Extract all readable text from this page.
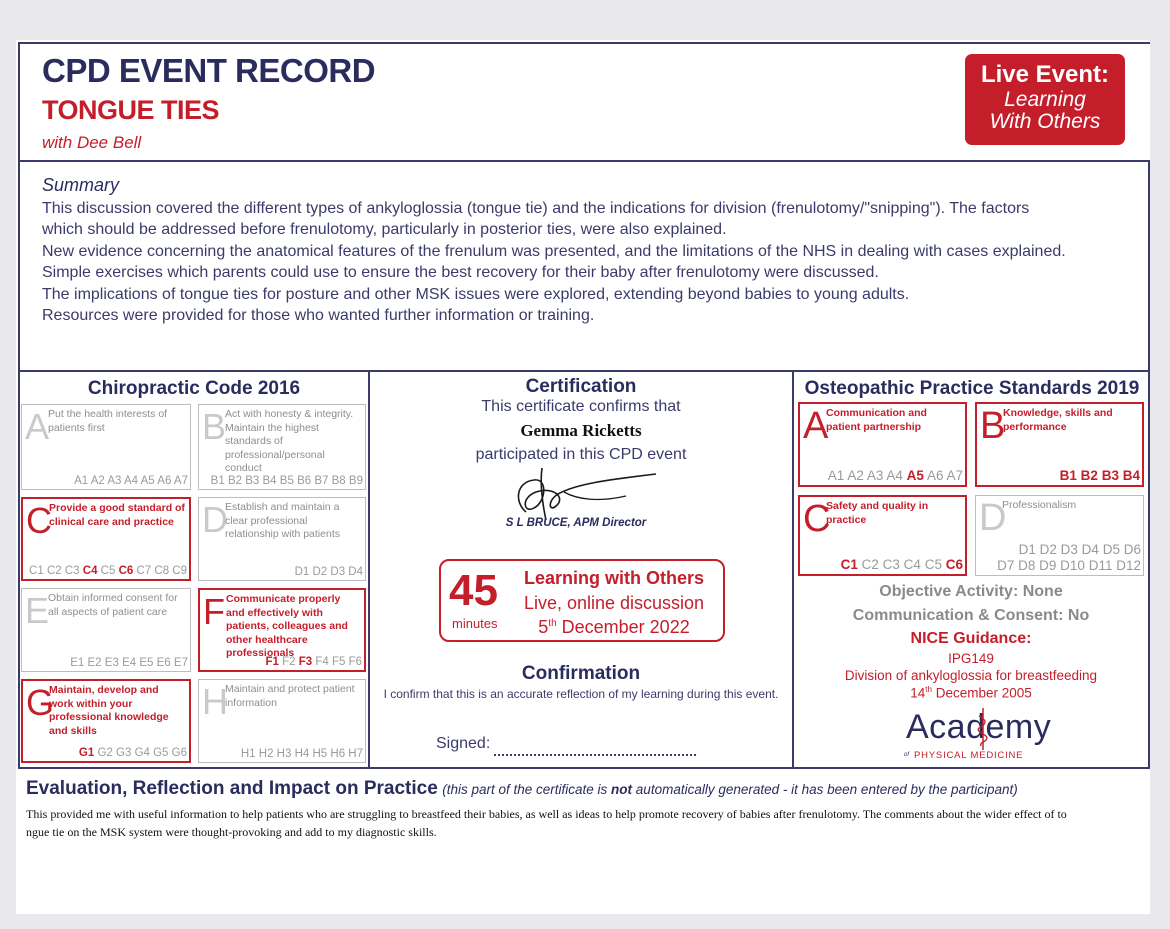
CPD EVENT RECORD
TONGUE TIES
with Dee Bell
Live Event:
Learning
With Others
Summary

This discussion covered the different types of ankyloglossia (tongue tie) and the indications for division (frenulotomy/"snipping"). The factors

which should be addressed before frenulotomy, particularly in posterior ties, were also explained.

New evidence concerning the anatomical features of the frenulum was presented, and the limitations of the NHS in dealing with cases explained.

Simple exercises which parents could use to ensure the best recovery for their baby after frenulotomy were discussed.

The implications of tongue ties for posture and other MSK issues were explored, extending beyond babies to young adults.

Resources were provided for those who wanted further information or training.

Chiropractic Code 2016	Certification
This certificate confirms that
Gemma Ricketts
participated in this CPD event
S L BRUCE, APM Director
45
minutes
Learning with Others
Live, online discussion
5th December 2022
Confirmation
I confirm that this is an accurate reflection of my learning during this event.
Signed:
Osteopathic Practice Standards 2019
Objective Activity: None
Communication & Consent: No
NICE Guidance:
IPG149
Division of ankyloglossia for breastfeeding
14th December 2005
Academy
of PHYSICAL MEDICINE
Evaluation, Reflection and Impact on Practice (this part of the certificate is not automatically generated - it has been entered by the participant)
This provided me with useful information to help patients who are struggling to breastfeed their babies, as well as ideas to help promote recovery of babies after frenulotomy. The comments about the wider effect of to
ngue tie on the MSK system were thought-provoking and add to my diagnostic skills.
A
Put the health interests of patients first
A1 A2 A3 A4 A5 A6 A7
B
Act with honesty & integrity. Maintain the highest standards of professional/personal conduct
B1 B2 B3 B4 B5 B6 B7 B8 B9
C
Provide a good standard of clinical care and practice
C1 C2 C3 C4 C5 C6 C7 C8 C9
D
Establish and maintain a clear professional relationship with patients
D1 D2 D3 D4
E
Obtain informed consent for all aspects of patient care
E1 E2 E3 E4 E5 E6 E7
F Communicate properly and effectively with patients, colleagues and other healthcare professionals
F1 F2 F3 F4 F5 F6
G
Maintain, develop and work within your professional knowledge and skills
G1 G2 G3 G4 G5 G6
H
Maintain and protect patient information
H1 H2 H3 H4 H5 H6 H7
A
Communication and patient partnership
A1 A2 A3 A4 A5 A6 A7
B
Knowledge, skills and performance
B1 B2 B3 B4
C
Safety and quality in practice
C1 C2 C3 C4 C5 C6
D
Professionalism
D1 D2 D3 D4 D5 D6
D7 D8 D9 D10 D11 D12
